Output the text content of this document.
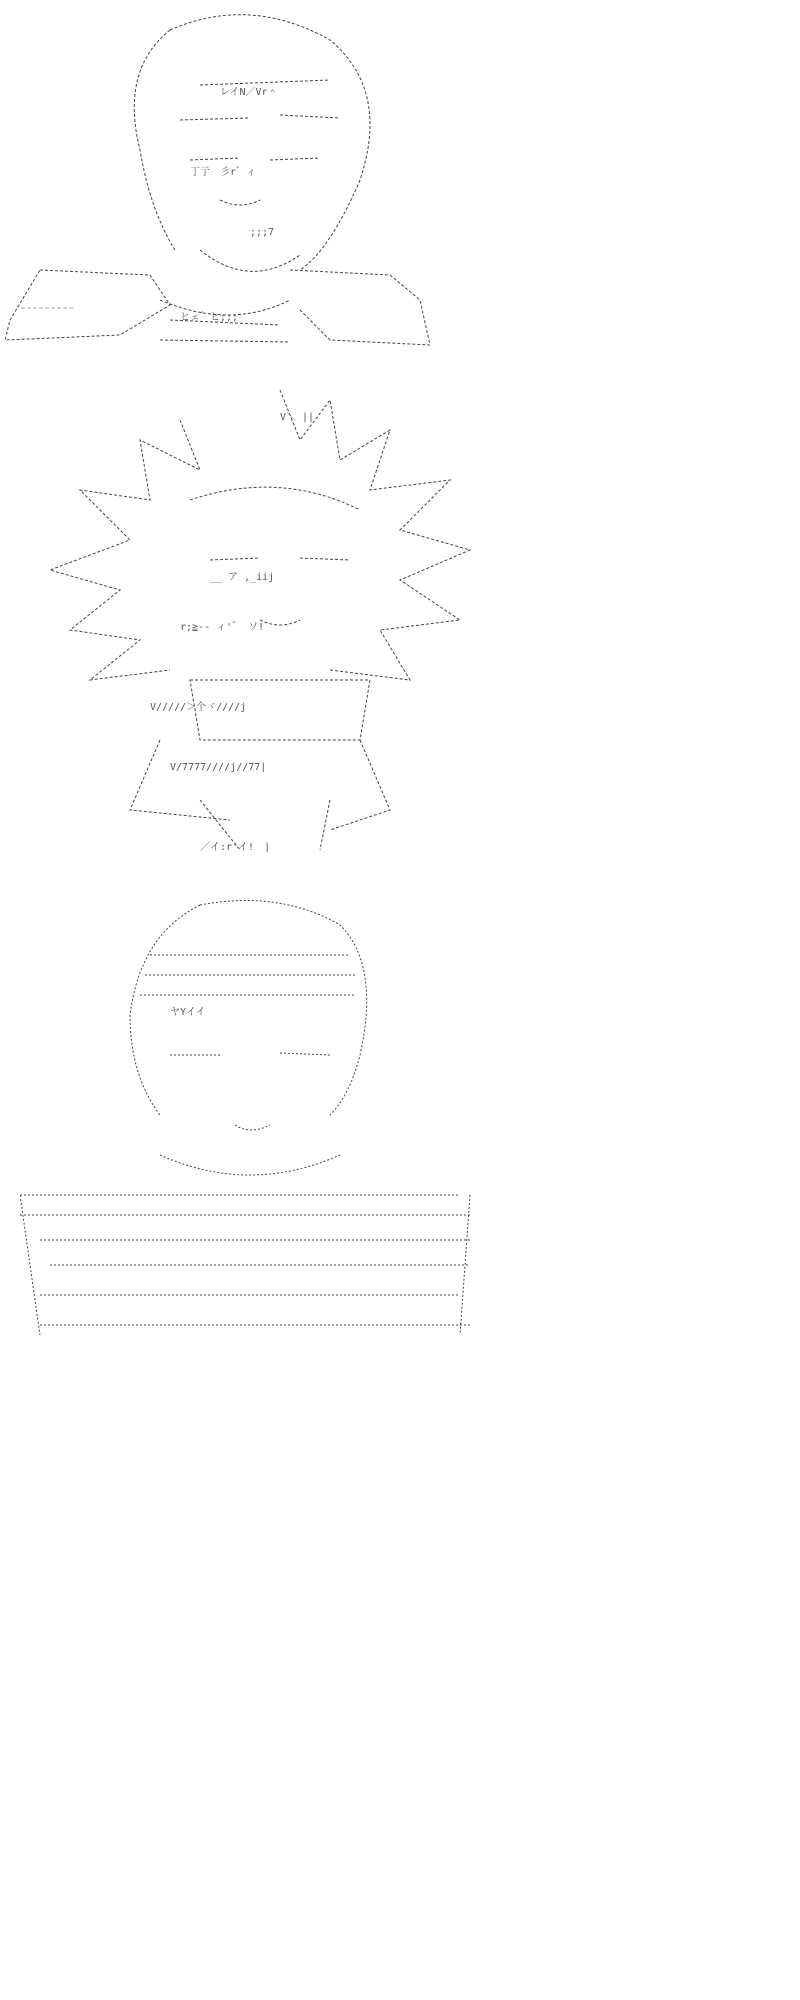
レイN／Vr＾
丁亍　彡r゛ィ
;;;7
ヒェ゛ヒ;;;
¨¨¨¨¨¨¨¨¨

V＼ ||
__ ア ,_iij
r;≧-- ィ'゛ ソ!
V/////＞个ヾ////j
V/7777////j//77|
／イ:r'イ!　|

ヤYイイ
